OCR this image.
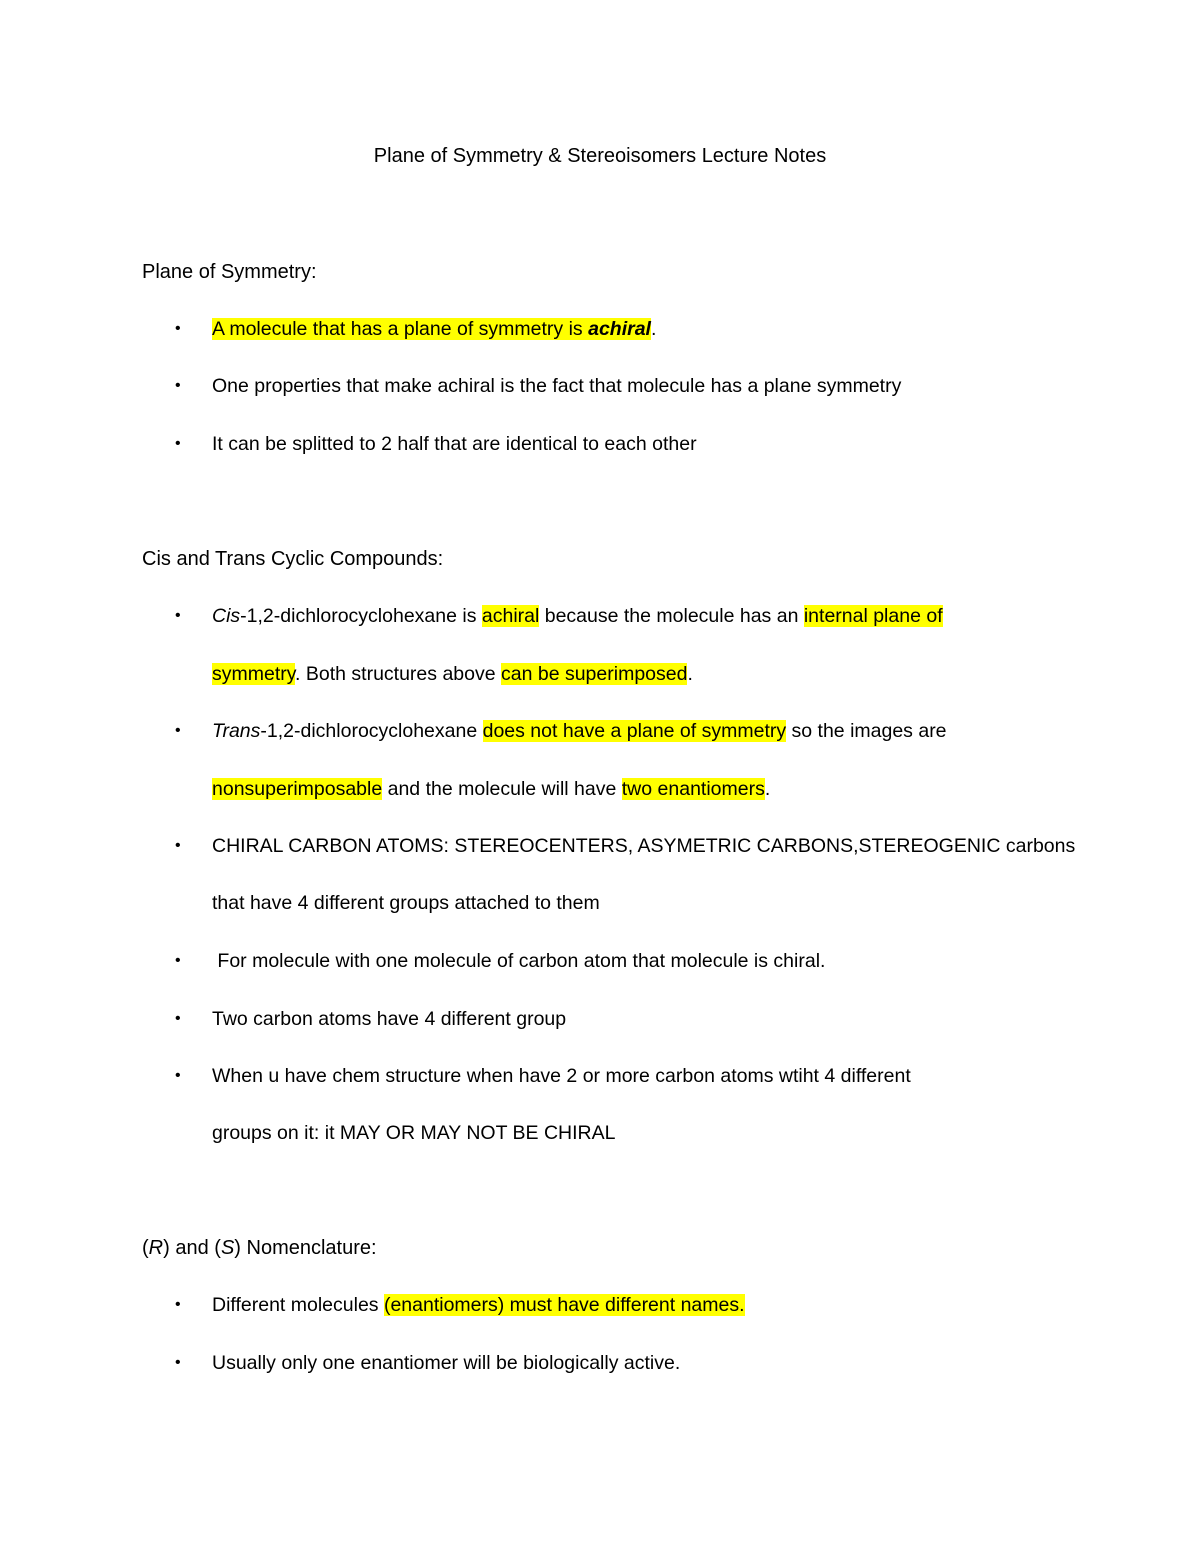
Plane of Symmetry & Stereoisomers Lecture Notes
Plane of Symmetry:
• A molecule that has a plane of symmetry is achiral.
• One properties that make achiral is the fact that molecule has a plane symmetry
• It can be splitted to 2 half that are identical to each other
Cis and Trans Cyclic Compounds:
• Cis-1,2-dichlorocyclohexane is achiral because the molecule has an internal plane of
symmetry. Both structures above can be superimposed.
• Trans-1,2-dichlorocyclohexane does not have a plane of symmetry so the images are
nonsuperimposable and the molecule will have two enantiomers.
• CHIRAL CARBON ATOMS: STEREOCENTERS, ASYMETRIC CARBONS,STEREOGENIC carbons
that have 4 different groups attached to them
• For molecule with one molecule of carbon atom that molecule is chiral.
• Two carbon atoms have 4 different group
• When u have chem structure when have 2 or more carbon atoms wtiht 4 different
groups on it: it MAY OR MAY NOT BE CHIRAL
(R) and (S) Nomenclature:
• Different molecules (enantiomers) must have different names.
• Usually only one enantiomer will be biologically active.
